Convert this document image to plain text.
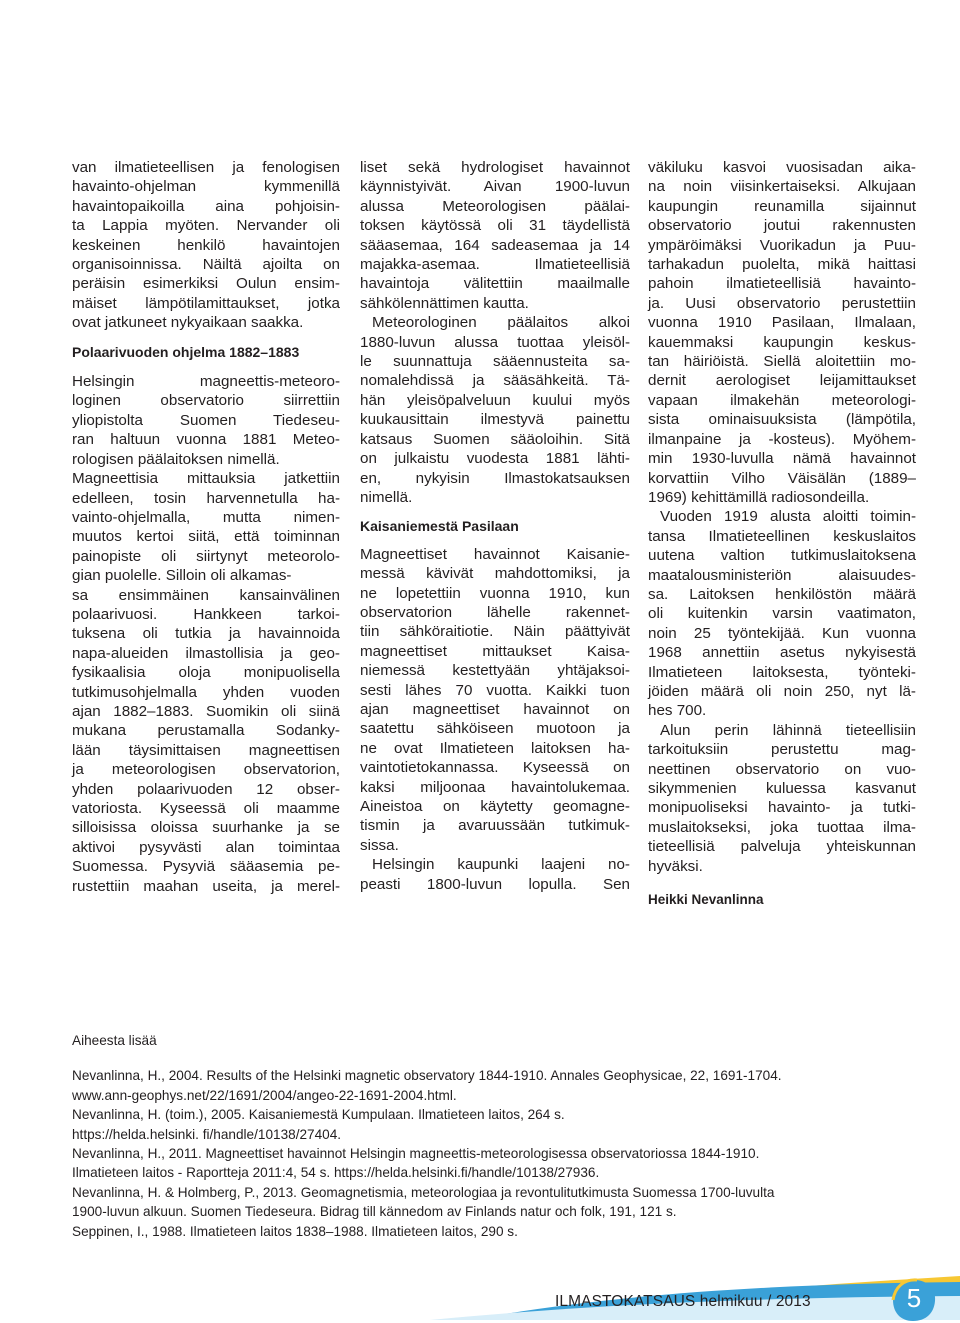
van ilmatieteellisen ja fenologisen
havainto-ohjelman kymmenillä
havaintopaikoilla aina pohjoisin-
ta Lappia myöten. Nervander oli
keskeinen henkilö havaintojen
organisoinnissa. Näiltä ajoilta on
peräisin esimerkiksi Oulun ensim-
mäiset lämpötilamittaukset, jotka
ovat jatkuneet nykyaikaan saakka.
Polaarivuoden ohjelma 1882–1883
Helsingin magneettis-meteoro-
loginen observatorio siirrettiin
yliopistolta Suomen Tiedeseu-
ran haltuun vuonna 1881 Meteo-
rologisen päälaitoksen nimellä.
Magneettisia mittauksia jatkettiin
edelleen, tosin harvennetulla ha-
vainto-ohjelmalla, mutta nimen-
muutos kertoi siitä, että toiminnan
painopiste oli siirtynyt meteorolo-
gian puolelle. Silloin oli alkamas-
sa ensimmäinen kansainvälinen
polaarivuosi. Hankkeen tarkoi-
tuksena oli tutkia ja havainnoida
napa-alueiden ilmastollisia ja geo-
fysikaalisia oloja monipuolisella
tutkimusohjelmalla yhden vuoden
ajan 1882–1883. Suomikin oli siinä
mukana perustamalla Sodanky-
lään täysimittaisen magneettisen
ja meteorologisen observatorion,
yhden polaarivuoden 12 obser-
vatoriosta. Kyseessä oli maamme
silloisissa oloissa suurhanke ja se
aktivoi pysyvästi alan toimintaa
Suomessa. Pysyviä sääasemia pe-
rustettiin maahan useita, ja merel-
liset sekä hydrologiset havainnot
käynnistyivät. Aivan 1900-luvun
alussa Meteorologisen päälai-
toksen käytössä oli 31 täydellistä
sääasemaa, 164 sadeasemaa ja 14
majakka-asemaa. Ilmatieteellisiä
havaintoja välitettiin maailmalle
sähkölennättimen kautta.
Meteorologinen päälaitos alkoi
1880-luvun alussa tuottaa yleisöl-
le suunnattuja sääennusteita sa-
nomalehdissä ja sääsähkeitä. Tä-
hän yleisöpalveluun kuului myös
kuukausittain ilmestyvä painettu
katsaus Suomen sääoloihin. Sitä
on julkaistu vuodesta 1881 lähti-
en, nykyisin Ilmastokatsauksen
nimellä.
Kaisaniemestä Pasilaan
Magneettiset havainnot Kaisanie-
messä kävivät mahdottomiksi, ja
ne lopetettiin vuonna 1910, kun
observatorion lähelle rakennet-
tiin sähköraitiotie. Näin päättyivät
magneettiset mittaukset Kaisa-
niemessä kestettyään yhtäjaksoi-
sesti lähes 70 vuotta. Kaikki tuon
ajan magneettiset havainnot on
saatettu sähköiseen muotoon ja
ne ovat Ilmatieteen laitoksen ha-
vaintotietokannassa. Kyseessä on
kaksi miljoonaa havaintolukemaa.
Aineistoa on käytetty geomagne-
tismin ja avaruussään tutkimuk-
sissa.
Helsingin kaupunki laajeni no-
peasti 1800-luvun lopulla. Sen
väkiluku kasvoi vuosisadan aika-
na noin viisinkertaiseksi. Alkujaan
kaupungin reunamilla sijainnut
observatorio joutui rakennusten
ympäröimäksi Vuorikadun ja Puu-
tarhakadun puolelta, mikä haittasi
pahoin ilmatieteellisiä havainto-
ja. Uusi observatorio perustettiin
vuonna 1910 Pasilaan, Ilmalaan,
kauemmaksi kaupungin keskus-
tan häiriöistä. Siellä aloitettiin mo-
dernit aerologiset leijamittaukset
vapaan ilmakehän meteorologi-
sista ominaisuuksista (lämpötila,
ilmanpaine ja -kosteus). Myöhem-
min 1930-luvulla nämä havainnot
korvattiin Vilho Väisälän (1889–
1969) kehittämillä radiosondeilla.
Vuoden 1919 alusta aloitti toimin-
tansa Ilmatieteellinen keskuslaitos
uutena valtion tutkimuslaitoksena
maatalousministeriön alaisuudes-
sa. Laitoksen henkilöstön määrä
oli kuitenkin varsin vaatimaton,
noin 25 työntekijää. Kun vuonna
1968 annettiin asetus nykyisestä
Ilmatieteen laitoksesta, työnteki-
jöiden määrä oli noin 250, nyt lä-
hes 700.
Alun perin lähinnä tieteellisiin
tarkoituksiin perustettu mag-
neettinen observatorio on vuo-
sikymmenien kuluessa kasvanut
monipuoliseksi havainto- ja tutki-
muslaitokseksi, joka tuottaa ilma-
tieteellisiä palveluja yhteiskunnan
hyväksi.
Heikki Nevanlinna
Aiheesta lisää
Nevanlinna, H., 2004. Results of the Helsinki magnetic observatory 1844-1910. Annales Geophysicae, 22, 1691-1704.
www.ann-geophys.net/22/1691/2004/angeo-22-1691-2004.html.
Nevanlinna, H. (toim.), 2005. Kaisaniemestä Kumpulaan. Ilmatieteen laitos, 264 s.
https://helda.helsinki. fi/handle/10138/27404.
Nevanlinna, H., 2011. Magneettiset havainnot Helsingin magneettis-meteorologisessa observatoriossa 1844-1910.
Ilmatieteen laitos - Raportteja 2011:4, 54 s. https://helda.helsinki.fi/handle/10138/27936.
Nevanlinna, H. & Holmberg, P., 2013. Geomagnetismia, meteorologiaa ja revontulitutkimusta Suomessa 1700-luvulta
1900-luvun alkuun. Suomen Tiedeseura. Bidrag till kännedom av Finlands natur och folk, 191, 121 s.
Seppinen, I., 1988. Ilmatieteen laitos 1838–1988. Ilmatieteen laitos, 290 s.
ILMASTOKATSAUS helmikuu / 2013	5
